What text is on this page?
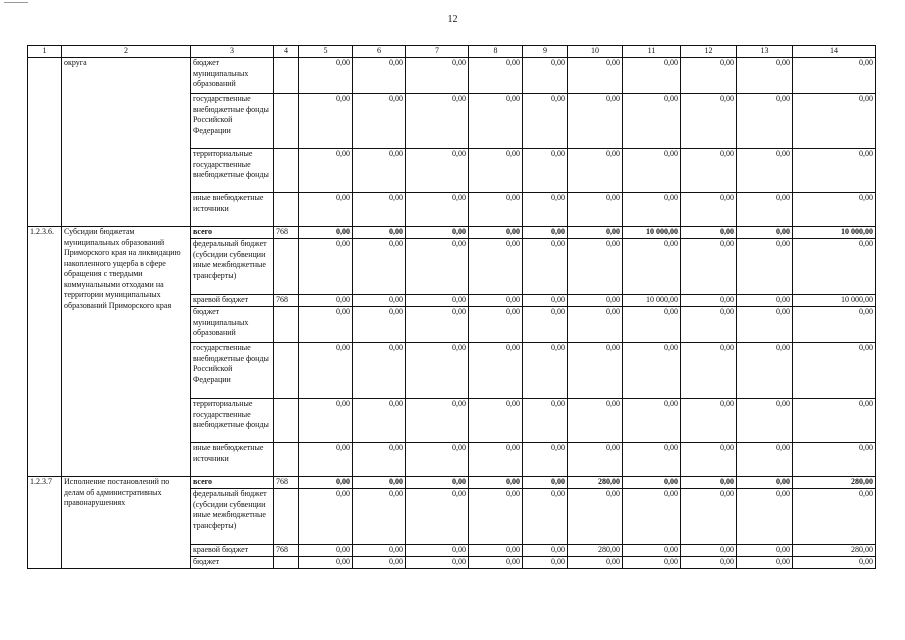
12
1	2	3	4	5	6	7	8	9	10	11	12	13	14
	округа	бюджет муниципальных образований		0,00	0,00	0,00	0,00	0,00	0,00	0,00	0,00	0,00	0,00
		государственные внебюджетные фонды Российской Федерации		0,00	0,00	0,00	0,00	0,00	0,00	0,00	0,00	0,00	0,00
		территориальные государственные внебюджетные фонды		0,00	0,00	0,00	0,00	0,00	0,00	0,00	0,00	0,00	0,00
		иные внебюджетные источники		0,00	0,00	0,00	0,00	0,00	0,00	0,00	0,00	0,00	0,00
1.2.3.6.	Субсидии бюджетам муниципальных образований Приморского края на ликвидацию накопленного ущерба в сфере обращения с твердыми коммунальными отходами на территории муниципальных образований Приморского края	всего	768	0,00	0,00	0,00	0,00	0,00	0,00	10 000,00	0,00	0,00	10 000,00
		федеральный бюджет (субсидии субвенции иные межбюджетные трансферты)		0,00	0,00	0,00	0,00	0,00	0,00	0,00	0,00	0,00	0,00
		краевой бюджет	768	0,00	0,00	0,00	0,00	0,00	0,00	10 000,00	0,00	0,00	10 000,00
		бюджет муниципальных образований		0,00	0,00	0,00	0,00	0,00	0,00	0,00	0,00	0,00	0,00
		государственные внебюджетные фонды Российской Федерации		0,00	0,00	0,00	0,00	0,00	0,00	0,00	0,00	0,00	0,00
		территориальные государственные внебюджетные фонды		0,00	0,00	0,00	0,00	0,00	0,00	0,00	0,00	0,00	0,00
		иные внебюджетные источники		0,00	0,00	0,00	0,00	0,00	0,00	0,00	0,00	0,00	0,00
1.2.3.7	Исполнение постановлений по делам об административных правонарушениях	всего	768	0,00	0,00	0,00	0,00	0,00	280,00	0,00	0,00	0,00	280,00
		федеральный бюджет (субсидии субвенции иные межбюджетные трансферты)		0,00	0,00	0,00	0,00	0,00	0,00	0,00	0,00	0,00	0,00
		краевой бюджет	768	0,00	0,00	0,00	0,00	0,00	280,00	0,00	0,00	0,00	280,00
		бюджет		0,00	0,00	0,00	0,00	0,00	0,00	0,00	0,00	0,00	0,00
